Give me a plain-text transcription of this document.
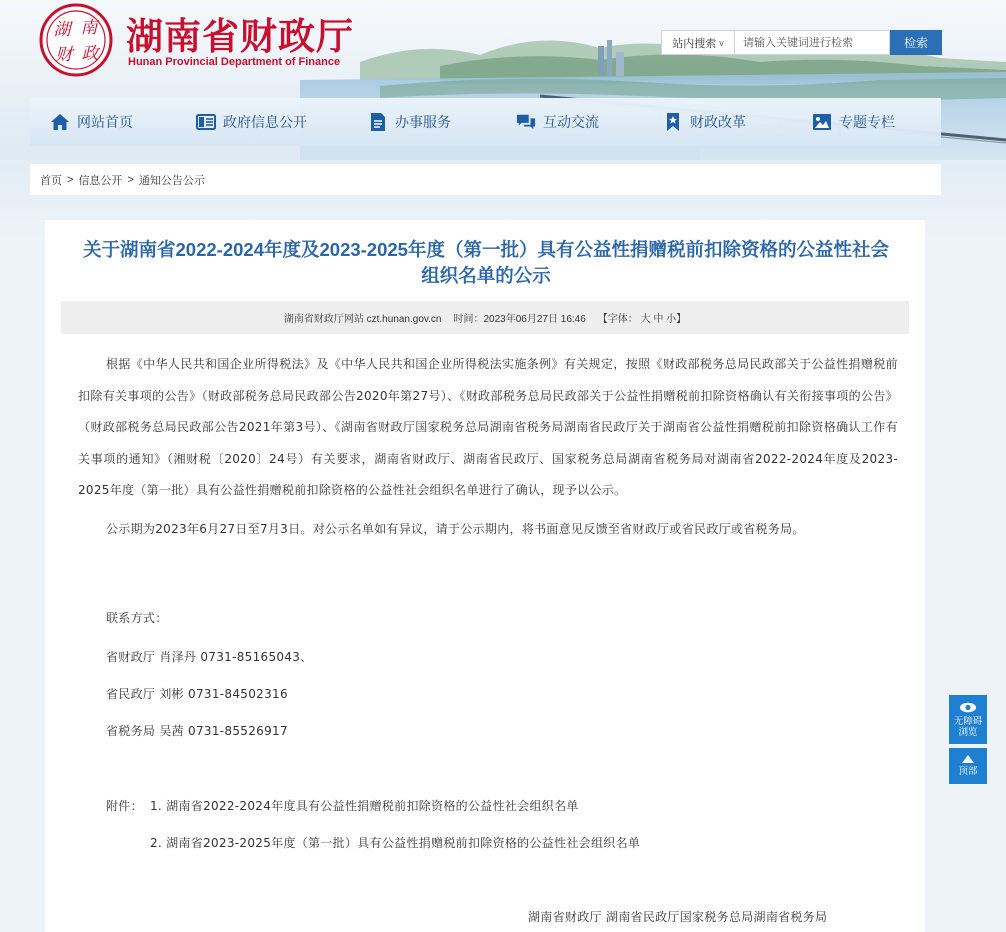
湖 南
财 政 湖南省财政厅
Hunan Provincial Department of Finance
站内搜索 v
请输入关键词进行检索	检索
网站首页	政府信息公开	办事服务	互动交流	财政改革	专题专栏
首页 > 信息公开 > 通知公告公示
关于湖南省2022-2024年度及2023-2025年度（第一批）具有公益性捐赠税前扣除资格的公益性社会
组织名单的公示
湖南省财政厅网站 czt.hunan.gov.cn 时间：2023年06月27日 16:46 【字体： 大 中 小】

根据《中华人民共和国企业所得税法》及《中华人民共和国企业所得税法实施条例》有关规定，按照《财政部税务总局民政部关于公益性捐赠税前扣除有关事项的公告》（财政部税务总局民政部公告2020年第27号）、《财政部税务总局民政部关于公益性捐赠税前扣除资格确认有关衔接事项的公告》（财政部税务总局民政部公告2021年第3号）、《湖南省财政厅国家税务总局湖南省税务局湖南省民政厅关于湖南省公益性捐赠税前扣除资格确认工作有关事项的通知》（湘财税〔2020〕24号）有关要求，湖南省财政厅、湖南省民政厅、国家税务总局湖南省税务局对湖南省2022-2024年度及2023-2025年度（第一批）具有公益性捐赠税前扣除资格的公益性社会组织名单进行了确认，现予以公示。

公示期为2023年6月27日至7月3日。对公示名单如有异议，请于公示期内，将书面意见反馈至省财政厅或省民政厅或省税务局。

联系方式：
省财政厅 肖泽丹 0731-85165043、
省民政厅 刘彬 0731-84502316
省税务局 吴茜 0731-85526917
附件： 1. 湖南省2022-2024年度具有公益性捐赠税前扣除资格的公益性社会组织名单
2. 湖南省2023-2025年度（第一批）具有公益性捐赠税前扣除资格的公益性社会组织名单
湖南省财政厅 湖南省民政厅国家税务总局湖南省税务局
无障碍浏览
顶部
